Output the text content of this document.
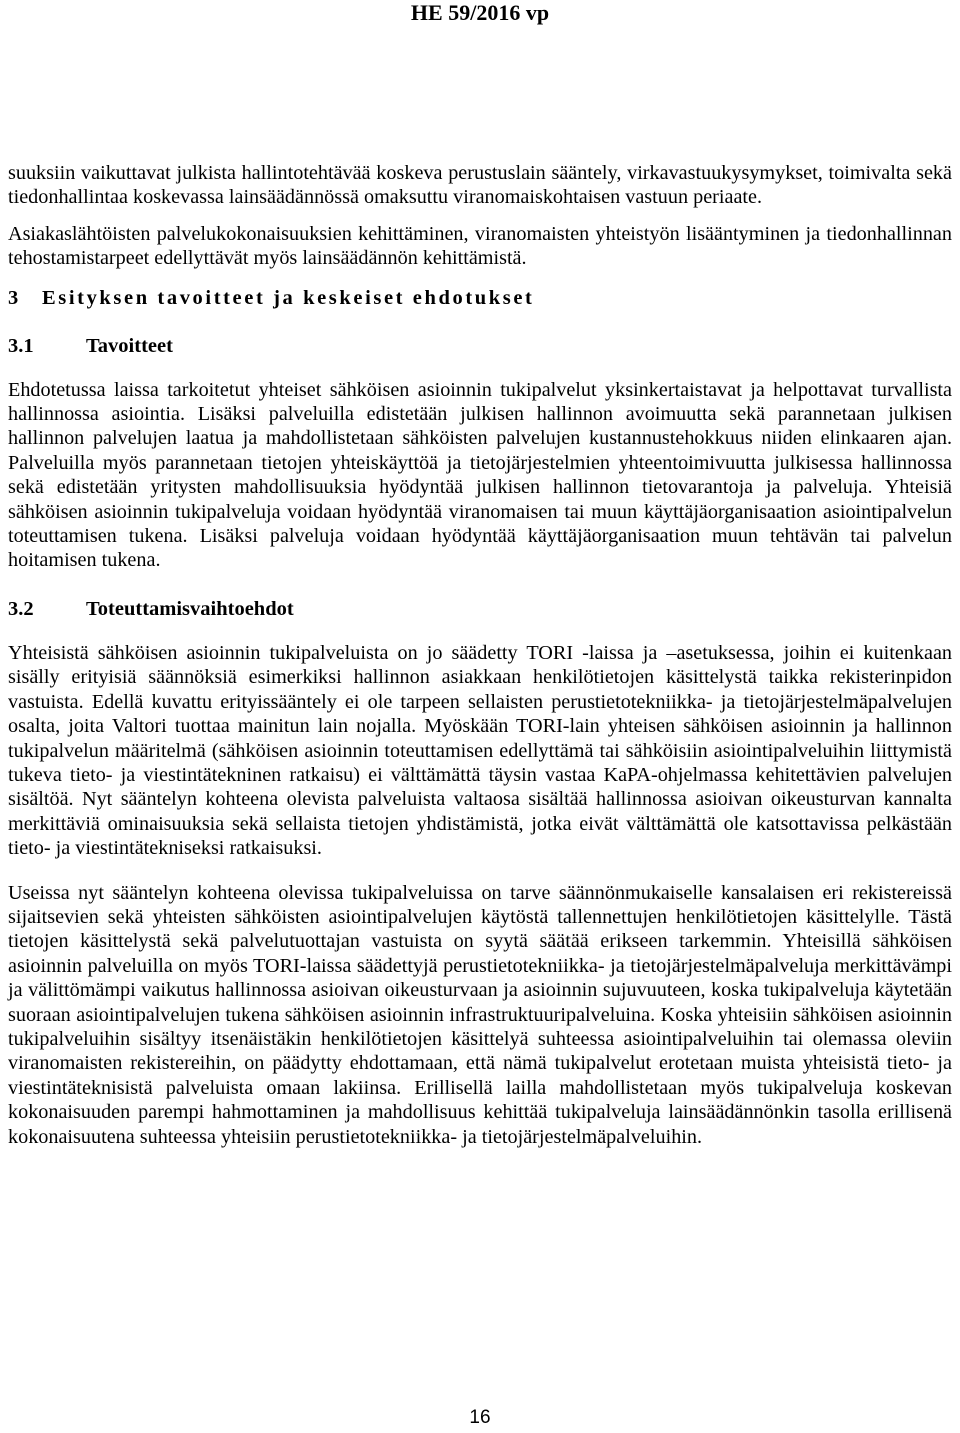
HE 59/2016 vp

suuksiin vaikuttavat julkista hallintotehtävää koskeva perustuslain sääntely, virkavastuukysymykset, toimivalta sekä tiedonhallintaa koskevassa lainsäädännössä omaksuttu viranomaiskohtaisen vastuun periaate.

Asiakaslähtöisten palvelukokonaisuuksien kehittäminen, viranomaisten yhteistyön lisääntyminen ja tiedonhallinnan tehostamistarpeet edellyttävät myös lainsäädännön kehittämistä.

3 Esityksen tavoitteet ja keskeiset ehdotukset
3.1	Tavoitteet

Ehdotetussa laissa tarkoitetut yhteiset sähköisen asioinnin tukipalvelut yksinkertaistavat ja helpottavat turvallista hallinnossa asiointia. Lisäksi palveluilla edistetään julkisen hallinnon avoimuutta sekä parannetaan julkisen hallinnon palvelujen laatua ja mahdollistetaan sähköisten palvelujen kustannustehokkuus niiden elinkaaren ajan. Palveluilla myös parannetaan tietojen yhteiskäyttöä ja tietojärjestelmien yhteentoimivuutta julkisessa hallinnossa sekä edistetään yritysten mahdollisuuksia hyödyntää julkisen hallinnon tietovarantoja ja palveluja. Yhteisiä sähköisen asioinnin tukipalveluja voidaan hyödyntää viranomaisen tai muun käyttäjäorganisaation asiointipalvelun toteuttamisen tukena. Lisäksi palveluja voidaan hyödyntää käyttäjäorganisaation muun tehtävän tai palvelun hoitamisen tukena.

3.2	Toteuttamisvaihtoehdot

Yhteisistä sähköisen asioinnin tukipalveluista on jo säädetty TORI -laissa ja –asetuksessa, joihin ei kuitenkaan sisälly erityisiä säännöksiä esimerkiksi hallinnon asiakkaan henkilötietojen käsittelystä taikka rekisterinpidon vastuista. Edellä kuvattu erityissääntely ei ole tarpeen sellaisten perustietotekniikka- ja tietojärjestelmäpalvelujen osalta, joita Valtori tuottaa mainitun lain nojalla. Myöskään TORI-lain yhteisen sähköisen asioinnin ja hallinnon tukipalvelun määritelmä (sähköisen asioinnin toteuttamisen edellyttämä tai sähköisiin asiointipalveluihin liittymistä tukeva tieto- ja viestintätekninen ratkaisu) ei välttämättä täysin vastaa KaPA-ohjelmassa kehitettävien palvelujen sisältöä. Nyt sääntelyn kohteena olevista palveluista valtaosa sisältää hallinnossa asioivan oikeusturvan kannalta merkittäviä ominaisuuksia sekä sellaista tietojen yhdistämistä, jotka eivät välttämättä ole katsottavissa pelkästään tieto- ja viestintätekniseksi ratkaisuksi.

Useissa nyt sääntelyn kohteena olevissa tukipalveluissa on tarve säännönmukaiselle kansalaisen eri rekistereissä sijaitsevien sekä yhteisten sähköisten asiointipalvelujen käytöstä tallennettujen henkilötietojen käsittelylle. Tästä tietojen käsittelystä sekä palvelutuottajan vastuista on syytä säätää erikseen tarkemmin. Yhteisillä sähköisen asioinnin palveluilla on myös TORI-laissa säädettyjä perustietotekniikka- ja tietojärjestelmäpalveluja merkittävämpi ja välittömämpi vaikutus hallinnossa asioivan oikeusturvaan ja asioinnin sujuvuuteen, koska tukipalveluja käytetään suoraan asiointipalvelujen tukena sähköisen asioinnin infrastruktuuripalveluina. Koska yhteisiin sähköisen asioinnin tukipalveluihin sisältyy itsenäistäkin henkilötietojen käsittelyä suhteessa asiointipalveluihin tai olemassa oleviin viranomaisten rekistereihin, on päädytty ehdottamaan, että nämä tukipalvelut erotetaan muista yhteisistä tieto- ja viestintäteknisistä palveluista omaan lakiinsa. Erillisellä lailla mahdollistetaan myös tukipalveluja koskevan kokonaisuuden parempi hahmottaminen ja mahdollisuus kehittää tukipalveluja lainsäädännönkin tasolla erillisenä kokonaisuutena suhteessa yhteisiin perustietotekniikka- ja tietojärjestelmäpalveluihin.

16
